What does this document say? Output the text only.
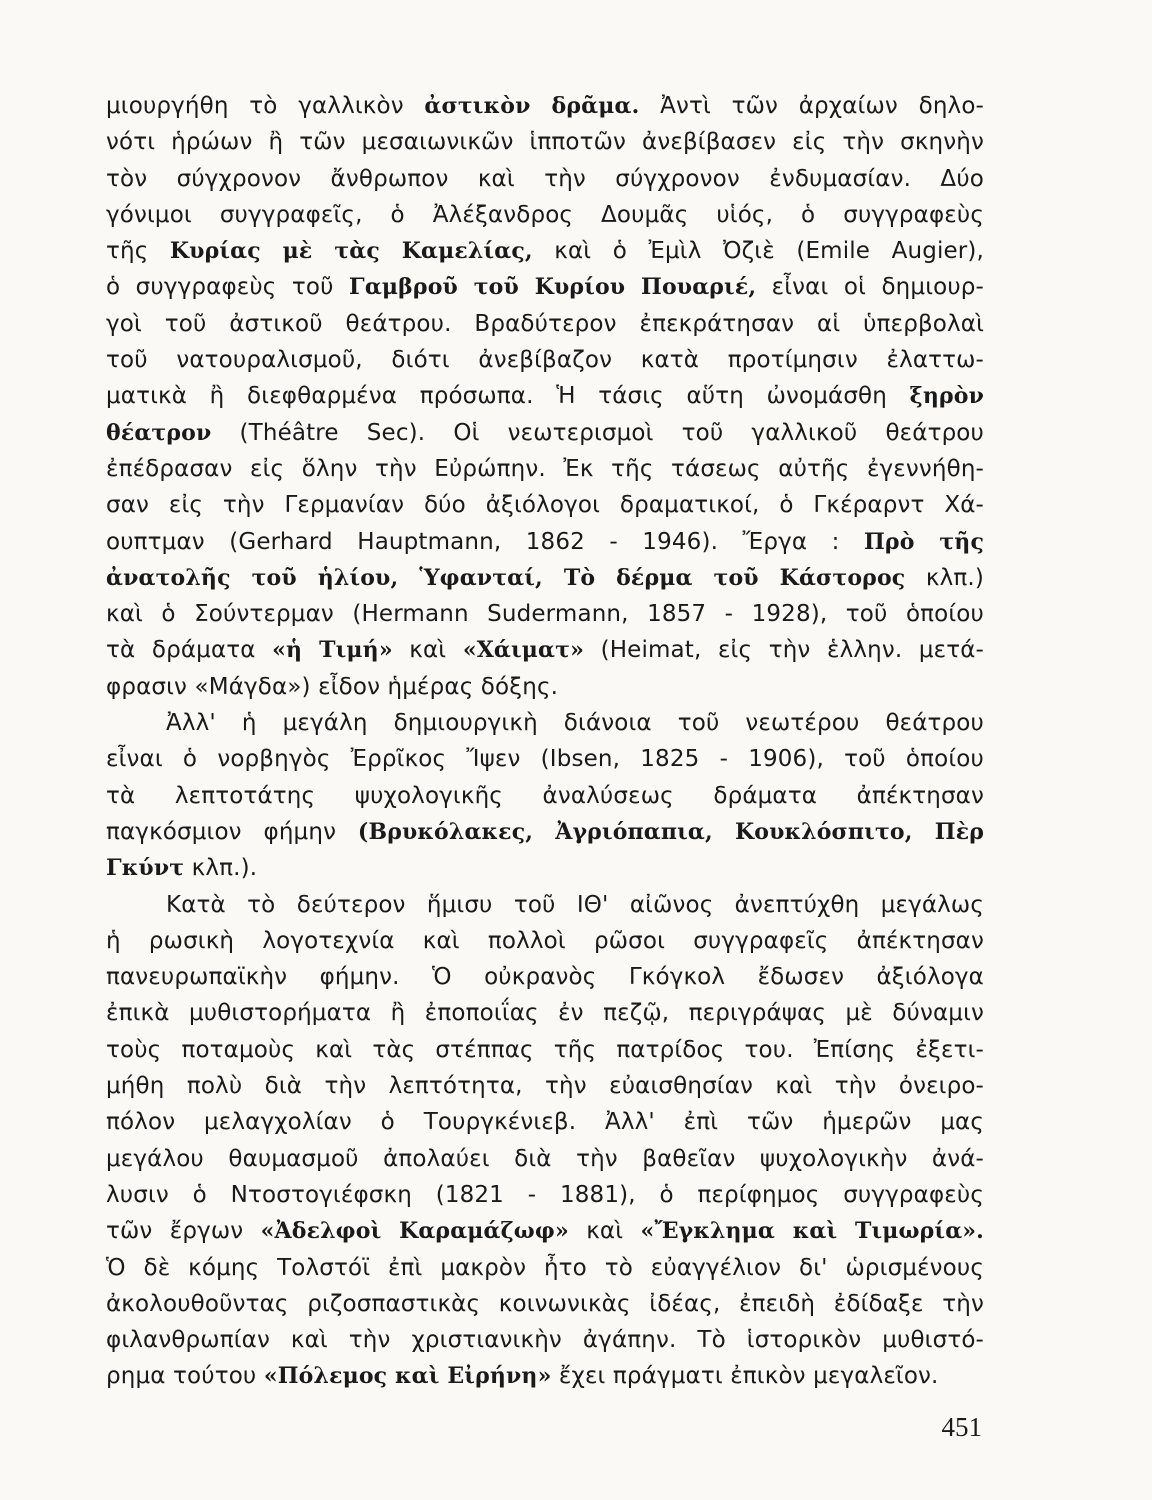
μιουργήθη τὸ γαλλικὸν ἀστικὸν δρᾶμα. Ἀντὶ τῶν ἀρχαίων δηλο-
νότι ἡρώων ἢ τῶν μεσαιωνικῶν ἱπποτῶν ἀνεβίβασεν εἰς τὴν σκηνὴν
τὸν σύγχρονον ἄνθρωπον καὶ τὴν σύγχρονον ἐνδυμασίαν. Δύο
γόνιμοι συγγραφεῖς, ὁ Ἀλέξανδρος Δουμᾶς υἱός, ὁ συγγραφεὺς
τῆς Κυρίας μὲ τὰς Καμελίας, καὶ ὁ Ἐμὶλ Ὀζιὲ (Emile Augier),
ὁ συγγραφεὺς τοῦ Γαμβροῦ τοῦ Κυρίου Πουαριέ, εἶναι οἱ δημιουρ-
γοὶ τοῦ ἀστικοῦ θεάτρου. Βραδύτερον ἐπεκράτησαν αἱ ὑπερβολαὶ
τοῦ νατουραλισμοῦ, διότι ἀνεβίβαζον κατὰ προτίμησιν ἐλαττω-
ματικὰ ἢ διεφθαρμένα πρόσωπα. Ἡ τάσις αὕτη ὠνομάσθη ξηρὸν
θέατρον (Théâtre Sec). Οἱ νεωτερισμοὶ τοῦ γαλλικοῦ θεάτρου
ἐπέδρασαν εἰς ὅλην τὴν Εὐρώπην. Ἐκ τῆς τάσεως αὐτῆς ἐγεννήθη-
σαν εἰς τὴν Γερμανίαν δύο ἀξιόλογοι δραματικοί, ὁ Γκέραρντ Χά-
ουπτμαν (Gerhard Hauptmann, 1862 - 1946). Ἔργα : Πρὸ τῆς
ἀνατολῆς τοῦ ἡλίου, Ὑφανταί, Τὸ δέρμα τοῦ Κάστορος κλπ.)
καὶ ὁ Σούντερμαν (Hermann Sudermann, 1857 - 1928), τοῦ ὁποίου
τὰ δράματα «ἡ Τιμή» καὶ «Χάιματ» (Heimat, εἰς τὴν ἑλλην. μετά-
φρασιν «Μάγδα») εἶδον ἡμέρας δόξης.
Ἀλλ' ἡ μεγάλη δημιουργικὴ διάνοια τοῦ νεωτέρου θεάτρου
εἶναι ὁ νορβηγὸς Ἐρρῖκος Ἴψεν (Ibsen, 1825 - 1906), τοῦ ὁποίου
τὰ λεπτοτάτης ψυχολογικῆς ἀναλύσεως δράματα ἀπέκτησαν
παγκόσμιον φήμην (Βρυκόλακες, Ἀγριόπαπια, Κουκλόσπιτο, Πὲρ
Γκύντ κλπ.).
Κατὰ τὸ δεύτερον ἥμισυ τοῦ ΙΘ' αἰῶνος ἀνεπτύχθη μεγάλως
ἡ ρωσικὴ λογοτεχνία καὶ πολλοὶ ρῶσοι συγγραφεῖς ἀπέκτησαν
πανευρωπαϊκὴν φήμην. Ὁ οὐκρανὸς Γκόγκολ ἔδωσεν ἀξιόλογα
ἐπικὰ μυθιστορήματα ἢ ἐποποιΐας ἐν πεζῷ, περιγράψας μὲ δύναμιν
τοὺς ποταμοὺς καὶ τὰς στέππας τῆς πατρίδος του. Ἐπίσης ἐξετι-
μήθη πολὺ διὰ τὴν λεπτότητα, τὴν εὐαισθησίαν καὶ τὴν ὀνειρο-
πόλον μελαγχολίαν ὁ Τουργκένιεβ. Ἀλλ' ἐπὶ τῶν ἡμερῶν μας
μεγάλου θαυμασμοῦ ἀπολαύει διὰ τὴν βαθεῖαν ψυχολογικὴν ἀνά-
λυσιν ὁ Ντοστογιέφσκη (1821 - 1881), ὁ περίφημος συγγραφεὺς
τῶν ἔργων «Ἀδελφοὶ Καραμάζωφ» καὶ «Ἔγκλημα καὶ Τιμωρία».
Ὁ δὲ κόμης Τολστόϊ ἐπὶ μακρὸν ἦτο τὸ εὐαγγέλιον δι' ὡρισμένους
ἀκολουθοῦντας ριζοσπαστικὰς κοινωνικὰς ἰδέας, ἐπειδὴ ἐδίδαξε τὴν
φιλανθρωπίαν καὶ τὴν χριστιανικὴν ἀγάπην. Τὸ ἱστορικὸν μυθιστό-
ρημα τούτου «Πόλεμος καὶ Εἰρήνη» ἔχει πράγματι ἐπικὸν μεγαλεῖον.
451
